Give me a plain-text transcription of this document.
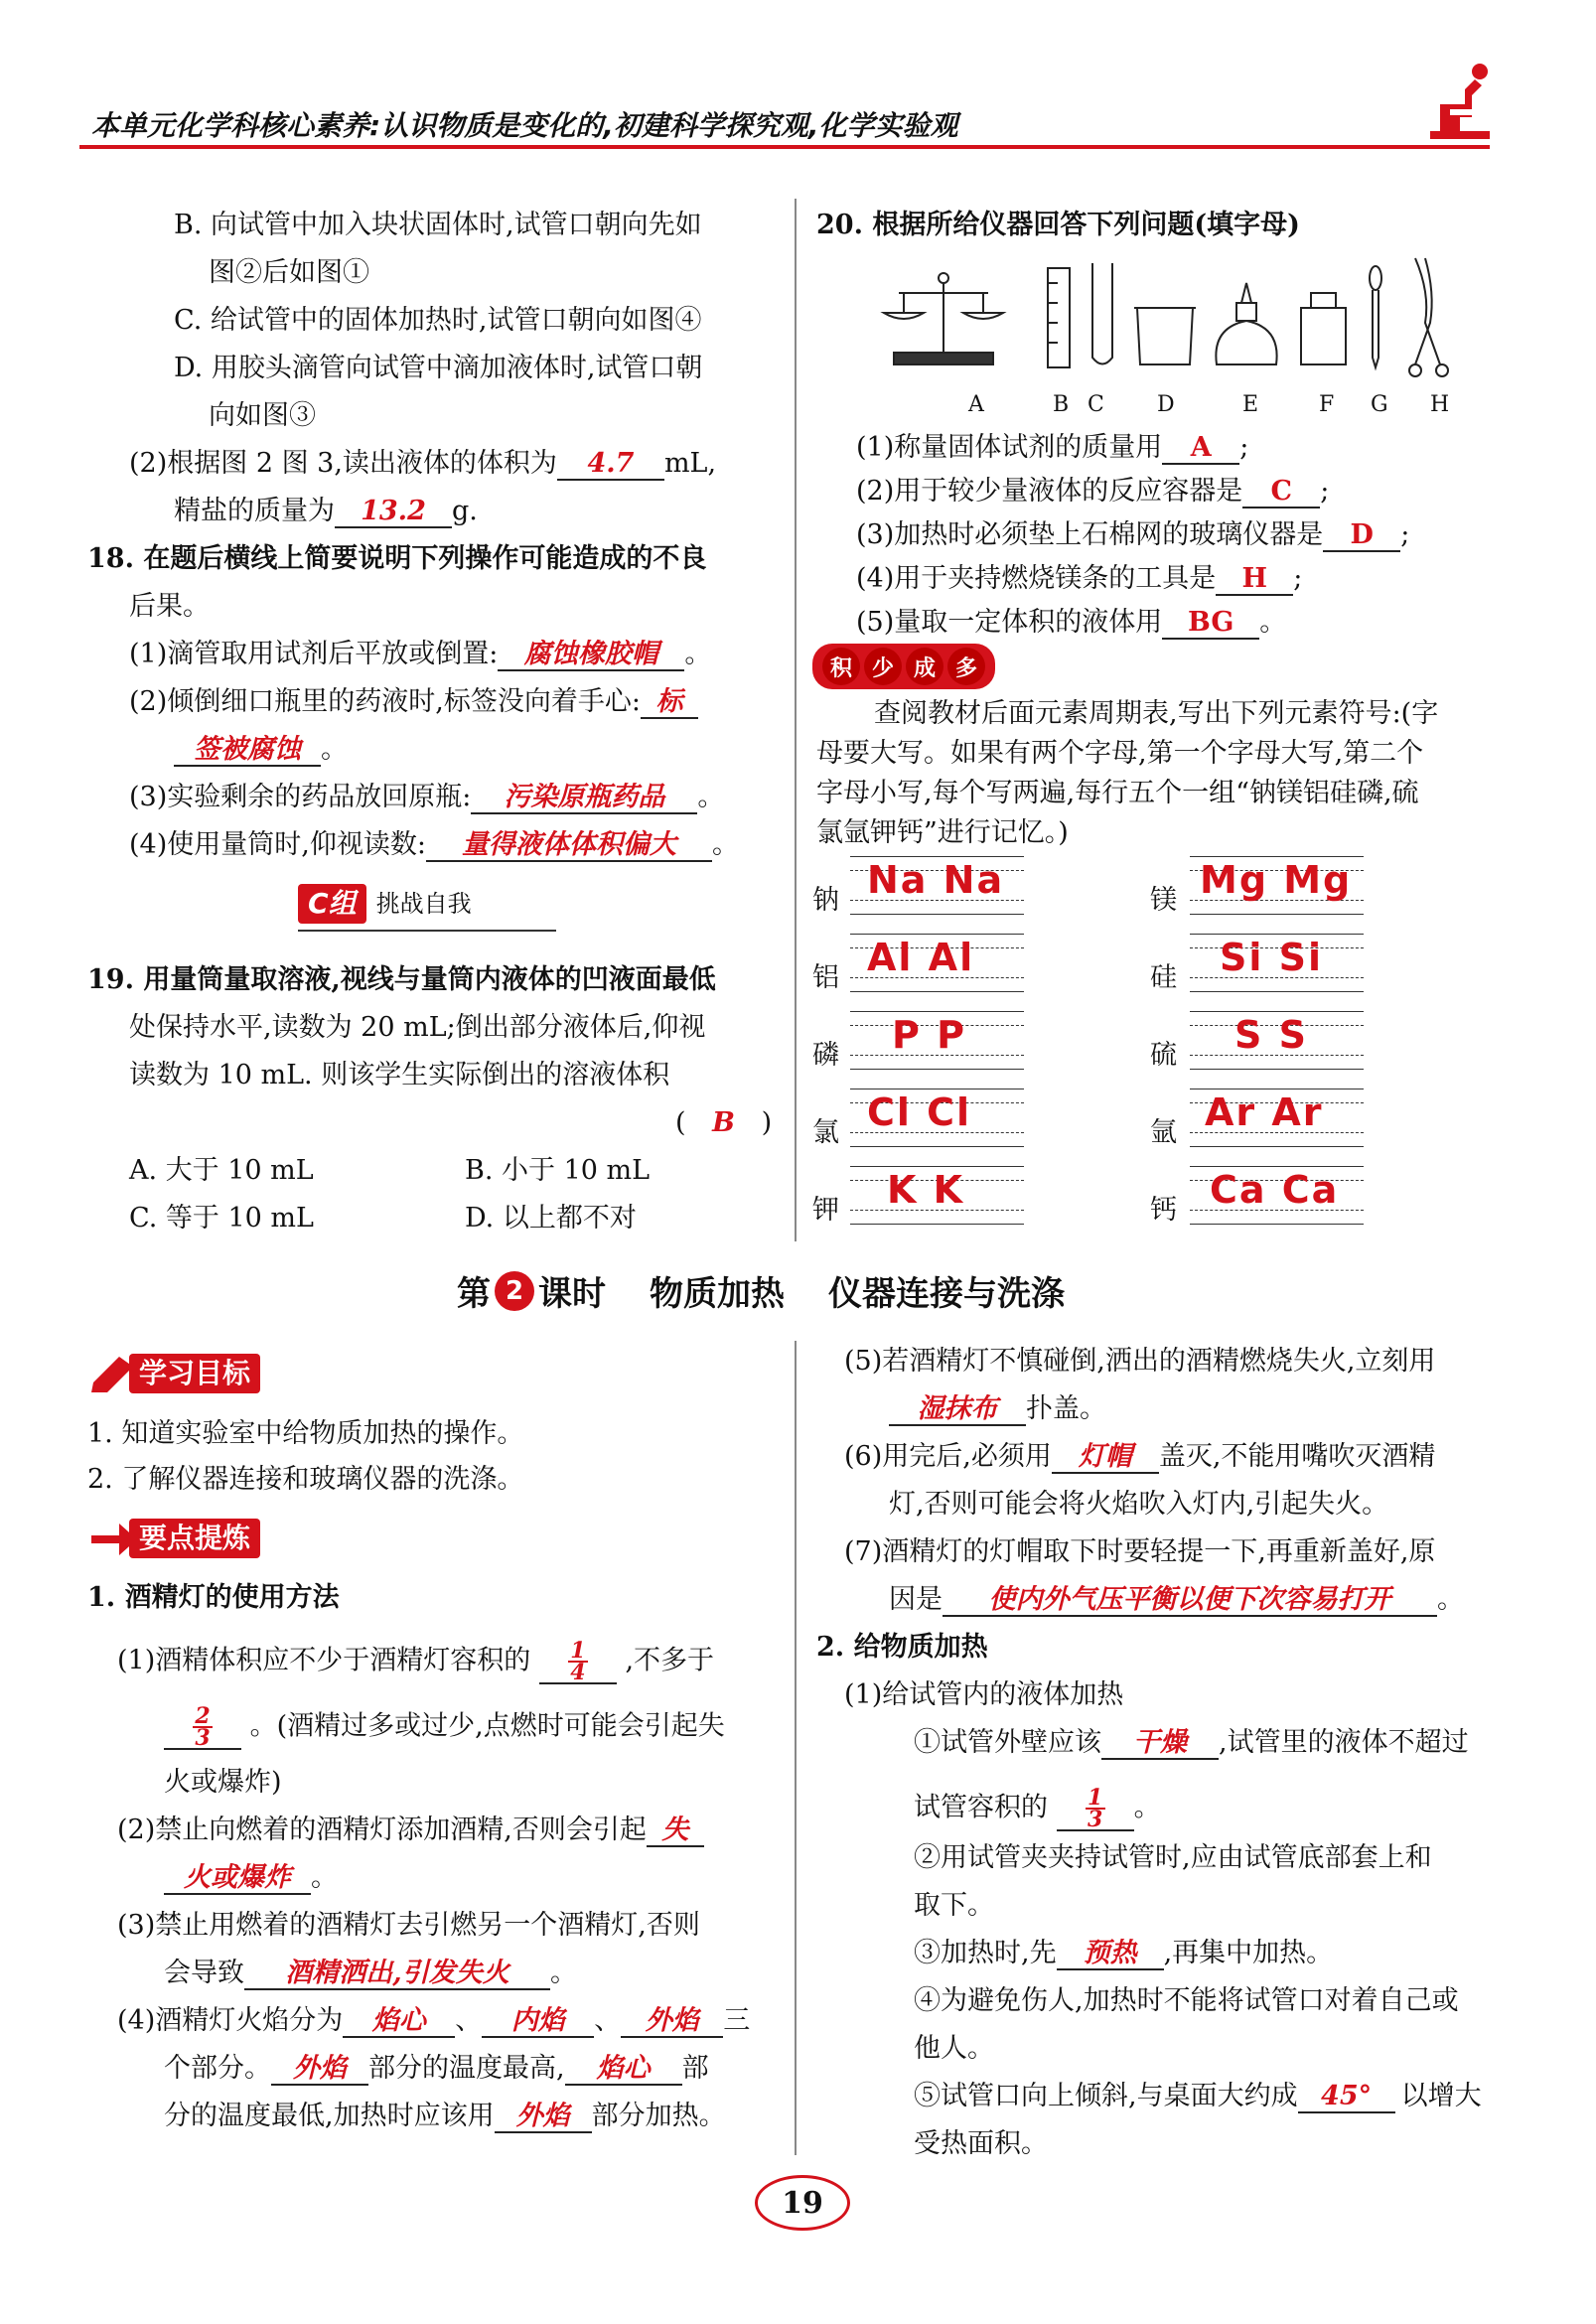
本单元化学科核心素养:认识物质是变化的,初建科学探究观,化学实验观
B. 向试管中加入块状固体时,试管口朝向先如
图②后如图①
C. 给试管中的固体加热时,试管口朝向如图④
D. 用胶头滴管向试管中滴加液体时,试管口朝
向如图③
(2)根据图 2 图 3,读出液体的体积为 4.7 mL,
精盐的质量为 13.2 g.
18. 在题后横线上简要说明下列操作可能造成的不良
后果。
(1)滴管取用试剂后平放或倒置: 腐蚀橡胶帽 。
(2)倾倒细口瓶里的药液时,标签没向着手心: 标
签被腐蚀 。
(3)实验剩余的药品放回原瓶: 污染原瓶药品 。
(4)使用量筒时,仰视读数: 量得液体体积偏大 。
C组 挑战自我
19. 用量筒量取溶液,视线与量筒内液体的凹液面最低
处保持水平,读数为 20 mL;倒出部分液体后,仰视
读数为 10 mL. 则该学生实际倒出的溶液体积
( B )
A. 大于 10 mL	B. 小于 10 mL
C. 等于 10 mL	D. 以上都不对
20. 根据所给仪器回答下列问题(填字母)
A	B C D	E	F G H
(1)称量固体试剂的质量用 A ;
(2)用于较少量液体的反应容器是 C ;
(3)加热时必须垫上石棉网的玻璃仪器是 D ;
(4)用于夹持燃烧镁条的工具是 H ;
(5)量取一定体积的液体用 BG 。
积 少 成 多
查阅教材后面元素周期表,写出下列元素符号:(字
母要大写。如果有两个字母,第一个字母大写,第二个
字母小写,每个写两遍,每行五个一组“钠镁铝硅磷,硫
氯氩钾钙”进行记忆。)
钠 Na Na	镁 Mg Mg
铝 Al Al	硅 Si Si
磷 P P	硫 S S
氯 Cl Cl	氩 Ar Ar
钾 K K	钙 Ca Ca
第 2 课时 物质加热 仪器连接与洗涤
学习目标
1. 知道实验室中给物质加热的操作。
2. 了解仪器连接和玻璃仪器的洗涤。
要点提炼
1. 酒精灯的使用方法
(1)酒精体积应不少于酒精灯容积的 $\frac{1}{4}$ ,不多于
$\frac{2}{3}$ 。(酒精过多或过少,点燃时可能会引起失
火或爆炸)
(2)禁止向燃着的酒精灯添加酒精,否则会引起 失
火或爆炸 。
(3)禁止用燃着的酒精灯去引燃另一个酒精灯,否则
会导致 酒精洒出,引发失火 。
(4)酒精灯火焰分为 焰心 、 内焰 、 外焰 三
个部分。 外焰 部分的温度最高, 焰心 部
分的温度最低,加热时应该用 外焰 部分加热。
(5)若酒精灯不慎碰倒,洒出的酒精燃烧失火,立刻用
湿抹布 扑盖。
(6)用完后,必须用 灯帽 盖灭,不能用嘴吹灭酒精
灯,否则可能会将火焰吹入灯内,引起失火。
(7)酒精灯的灯帽取下时要轻提一下,再重新盖好,原
因是 使内外气压平衡以便下次容易打开 。
2. 给物质加热
(1)给试管内的液体加热
①试管外壁应该 干燥 ,试管里的液体不超过
试管容积的 $\frac{1}{3}$ 。
②用试管夹夹持试管时,应由试管底部套上和
取下。
③加热时,先 预热 ,再集中加热。
④为避免伤人,加热时不能将试管口对着自己或
他人。
⑤试管口向上倾斜,与桌面大约成 45° 以增大
受热面积。
19
